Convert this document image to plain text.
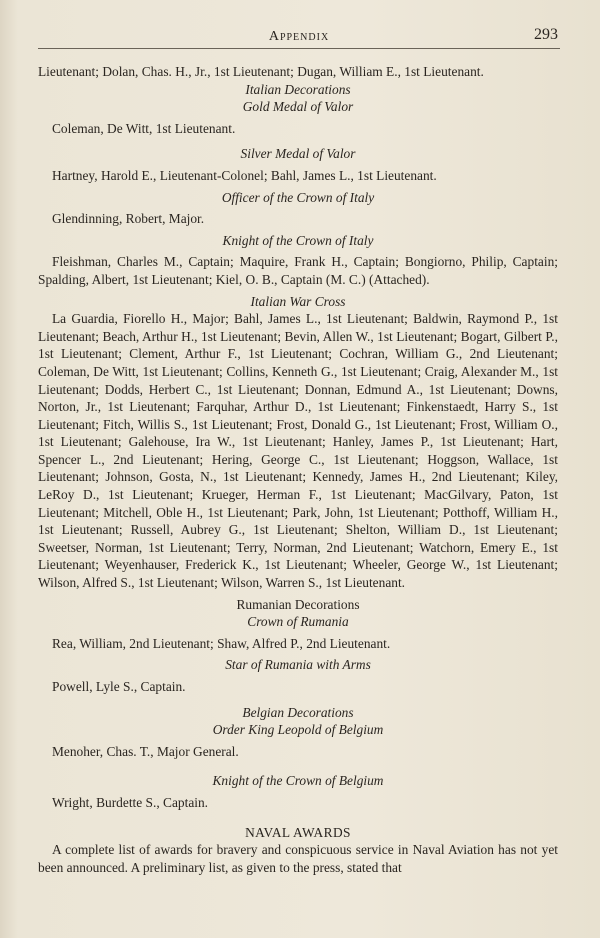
Appendix	293

Lieutenant; Dolan, Chas. H., Jr., 1st Lieutenant; Dugan, William E., 1st Lieutenant.

Italian Decorations
Gold Medal of Valor

Coleman, De Witt, 1st Lieutenant.

Silver Medal of Valor

Hartney, Harold E., Lieutenant-Colonel; Bahl, James L., 1st Lieutenant.

Officer of the Crown of Italy

Glendinning, Robert, Major.

Knight of the Crown of Italy

Fleishman, Charles M., Captain; Maquire, Frank H., Captain; Bongiorno, Philip, Captain; Spalding, Albert, 1st Lieutenant; Kiel, O. B., Captain (M. C.) (Attached).

Italian War Cross

La Guardia, Fiorello H., Major; Bahl, James L., 1st Lieutenant; Baldwin, Raymond P., 1st Lieutenant; Beach, Arthur H., 1st Lieutenant; Bevin, Allen W., 1st Lieutenant; Bogart, Gilbert P., 1st Lieutenant; Clement, Arthur F., 1st Lieutenant; Cochran, William G., 2nd Lieutenant; Coleman, De Witt, 1st Lieutenant; Collins, Kenneth G., 1st Lieutenant; Craig, Alexander M., 1st Lieutenant; Dodds, Herbert C., 1st Lieutenant; Donnan, Edmund A., 1st Lieutenant; Downs, Norton, Jr., 1st Lieutenant; Farquhar, Arthur D., 1st Lieutenant; Finkenstaedt, Harry S., 1st Lieutenant; Fitch, Willis S., 1st Lieutenant; Frost, Donald G., 1st Lieutenant; Frost, William O., 1st Lieutenant; Galehouse, Ira W., 1st Lieutenant; Hanley, James P., 1st Lieutenant; Hart, Spencer L., 2nd Lieutenant; Hering, George C., 1st Lieutenant; Hoggson, Wallace, 1st Lieutenant; Johnson, Gosta, N., 1st Lieutenant; Kennedy, James H., 2nd Lieutenant; Kiley, LeRoy D., 1st Lieutenant; Krueger, Herman F., 1st Lieutenant; MacGilvary, Paton, 1st Lieutenant; Mitchell, Oble H., 1st Lieutenant; Park, John, 1st Lieutenant; Potthoff, William H., 1st Lieutenant; Russell, Aubrey G., 1st Lieutenant; Shelton, William D., 1st Lieutenant; Sweetser, Norman, 1st Lieutenant; Terry, Norman, 2nd Lieutenant; Watchorn, Emery E., 1st Lieutenant; Weyenhauser, Frederick K., 1st Lieutenant; Wheeler, George W., 1st Lieutenant; Wilson, Alfred S., 1st Lieutenant; Wilson, Warren S., 1st Lieutenant.

Rumanian Decorations
Crown of Rumania

Rea, William, 2nd Lieutenant; Shaw, Alfred P., 2nd Lieutenant.

Star of Rumania with Arms

Powell, Lyle S., Captain.

Belgian Decorations
Order King Leopold of Belgium

Menoher, Chas. T., Major General.

Knight of the Crown of Belgium

Wright, Burdette S., Captain.

NAVAL AWARDS

A complete list of awards for bravery and conspicuous service in Naval Aviation has not yet been announced. A preliminary list, as given to the press, stated that
